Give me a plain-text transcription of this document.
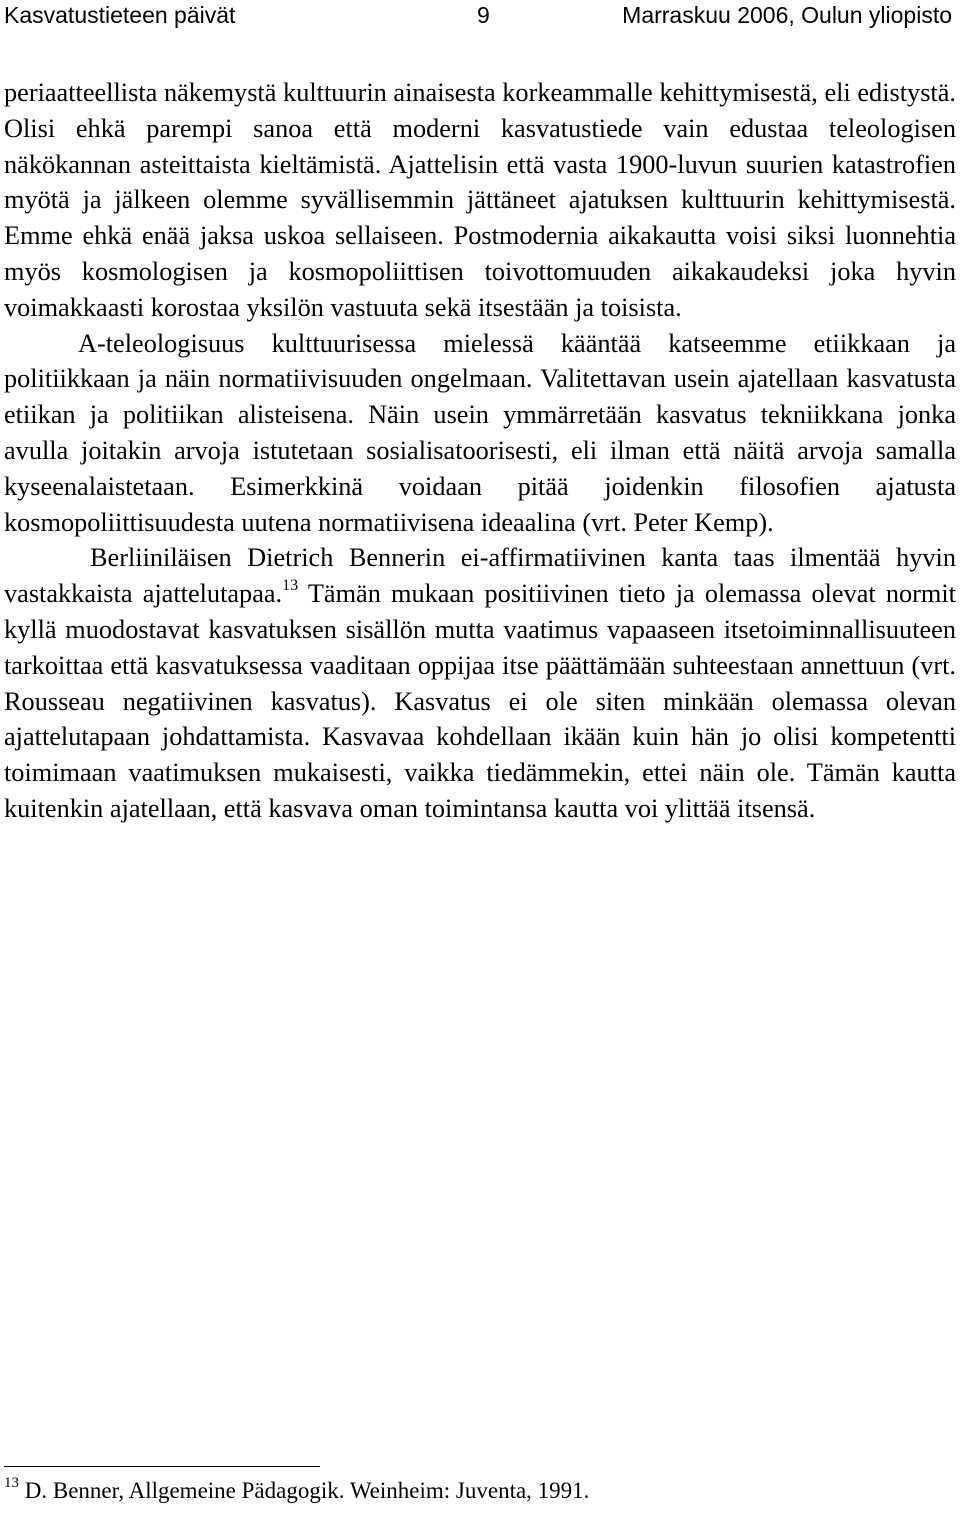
Kasvatustieteen päivät	9	Marraskuu 2006, Oulun yliopisto

periaatteellista näkemystä kulttuurin ainaisesta korkeammalle kehittymisestä, eli edistystä. Olisi ehkä parempi sanoa että moderni kasvatustiede vain edustaa teleologisen näkökannan asteittaista kieltämistä. Ajattelisin että vasta 1900-luvun suurien katastrofien myötä ja jälkeen olemme syvällisemmin jättäneet ajatuksen kulttuurin kehittymisestä. Emme ehkä enää jaksa uskoa sellaiseen. Postmodernia aikakautta voisi siksi luonnehtia myös kosmologisen ja kosmopoliittisen toivottomuuden aikakaudeksi joka hyvin voimakkaasti korostaa yksilön vastuuta sekä itsestään ja toisista.

A-teleologisuus kulttuurisessa mielessä kääntää katseemme etiikkaan ja politiikkaan ja näin normatiivisuuden ongelmaan. Valitettavan usein ajatellaan kasvatusta etiikan ja politiikan alisteisena. Näin usein ymmärretään kasvatus tekniikkana jonka avulla joitakin arvoja istutetaan sosialisatoorisesti, eli ilman että näitä arvoja samalla kyseenalaistetaan. Esimerkkinä voidaan pitää joidenkin filosofien ajatusta kosmopoliittisuudesta uutena normatiivisena ideaalina (vrt. Peter Kemp).

Berliiniläisen Dietrich Bennerin ei-affirmatiivinen kanta taas ilmentää hyvin vastakkaista ajattelutapaa.$^{13}$ Tämän mukaan positiivinen tieto ja olemassa olevat normit kyllä muodostavat kasvatuksen sisällön mutta vaatimus vapaaseen itsetoiminnallisuuteen tarkoittaa että kasvatuksessa vaaditaan oppijaa itse päättämään suhteestaan annettuun (vrt. Rousseau negatiivinen kasvatus). Kasvatus ei ole siten minkään olemassa olevan ajattelutapaan johdattamista. Kasvavaa kohdellaan ikään kuin hän jo olisi kompetentti toimimaan vaatimuksen mukaisesti, vaikka tiedämmekin, ettei näin ole. Tämän kautta kuitenkin ajatellaan, että kasvava oman toimintansa kautta voi ylittää itsensä.

$^{13}$ D. Benner, Allgemeine Pädagogik. Weinheim: Juventa, 1991.
